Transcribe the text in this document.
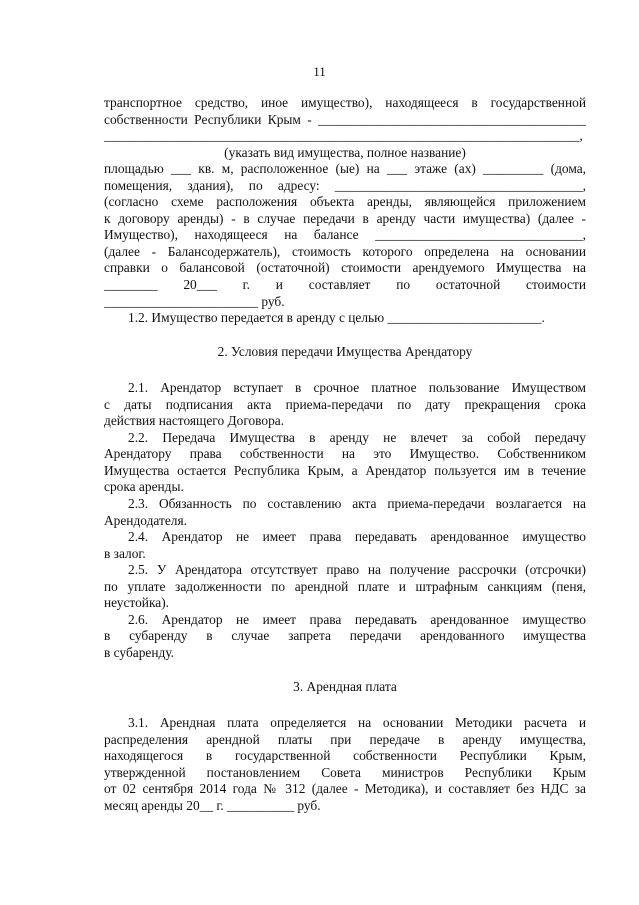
11

транспортное средство, иное имущество), находящееся в государственной

собственности Республики Крым - ________________________________________

_______________________________________________________________________,

(указать вид имущества, полное название)

площадью ___ кв. м, расположенное (ые) на ___ этаже (ах) _________ (дома,

помещения, здания), по адресу: _____________________________________,

(согласно схеме расположения объекта аренды, являющейся приложением

к договору аренды) - в случае передачи в аренду части имущества) (далее -

Имущество), находящееся на балансе _______________________________,

(далее - Балансодержатель), стоимость которого определена на основании

справки о балансовой (остаточной) стоимости арендуемого Имущества на

________ 20___ г. и составляет по остаточной стоимости

_______________________ руб.

1.2. Имущество передается в аренду с целью _______________________.

2. Условия передачи Имущества Арендатору

2.1. Арендатор вступает в срочное платное пользование Имуществом

с даты подписания акта приема-передачи по дату прекращения срока

действия настоящего Договора.

2.2. Передача Имущества в аренду не влечет за собой передачу

Арендатору права собственности на это Имущество. Собственником

Имущества остается Республика Крым, а Арендатор пользуется им в течение

срока аренды.

2.3. Обязанность по составлению акта приема-передачи возлагается на

Арендодателя.

2.4. Арендатор не имеет права передавать арендованное имущество

в залог.

2.5. У Арендатора отсутствует право на получение рассрочки (отсрочки)

по уплате задолженности по арендной плате и штрафным санкциям (пеня,

неустойка).

2.6. Арендатор не имеет права передавать арендованное имущество

в субаренду в случае запрета передачи арендованного имущества

в субаренду.

3. Арендная плата

3.1. Арендная плата определяется на основании Методики расчета и

распределения арендной платы при передаче в аренду имущества,

находящегося в государственной собственности Республики Крым,

утвержденной постановлением Совета министров Республики Крым

от 02 сентября 2014 года № 312 (далее - Методика), и составляет без НДС за

месяц аренды 20__ г. __________ руб.
